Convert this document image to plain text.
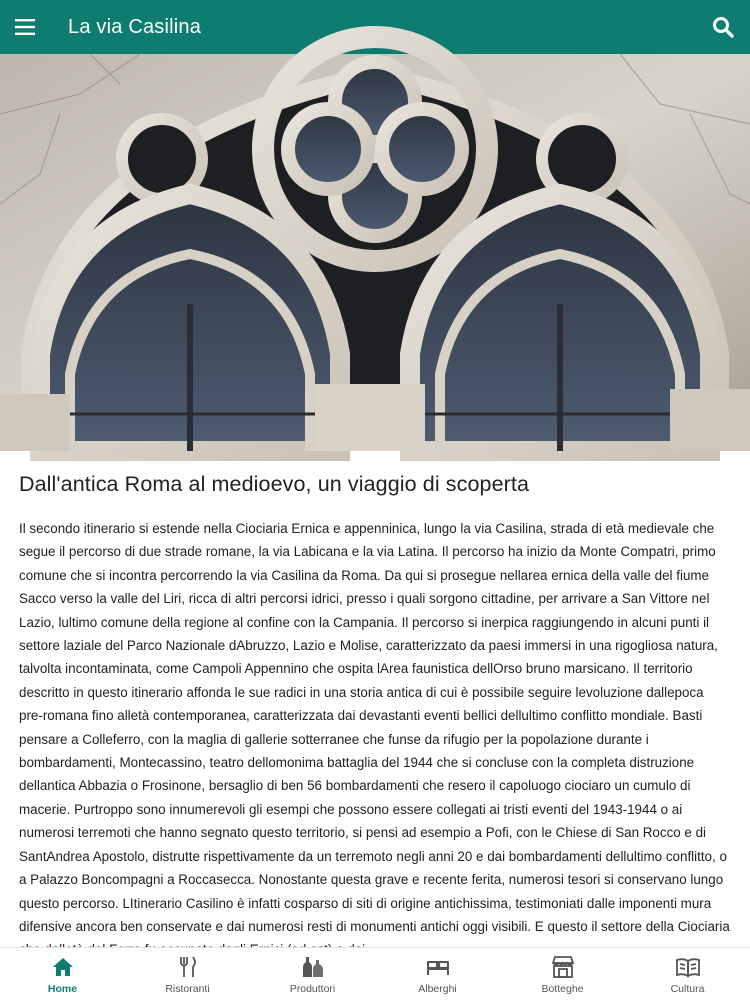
La via Casilina
Dall'antica Roma al medioevo, un viaggio di scoperta

Il secondo itinerario si estende nella Ciociaria Ernica e appenninica, lungo la via Casilina, strada di età medievale che segue il percorso di due strade romane, la via Labicana e la via Latina. Il percorso ha inizio da Monte Compatri, primo comune che si incontra percorrendo la via Casilina da Roma. Da qui si prosegue nellarea ernica della valle del fiume Sacco verso la valle del Liri, ricca di altri percorsi idrici, presso i quali sorgono cittadine, per arrivare a San Vittore nel Lazio, lultimo comune della regione al confine con la Campania. Il percorso si inerpica raggiungendo in alcuni punti il settore laziale del Parco Nazionale dAbruzzo, Lazio e Molise, caratterizzato da paesi immersi in una rigogliosa natura, talvolta incontaminata, come Campoli Appennino che ospita lArea faunistica dellOrso bruno marsicano. Il territorio descritto in questo itinerario affonda le sue radici in una storia antica di cui è possibile seguire levoluzione dallepoca pre-romana fino alletà contemporanea, caratterizzata dai devastanti eventi bellici dellultimo conflitto mondiale. Basti pensare a Colleferro, con la maglia di gallerie sotterranee che funse da rifugio per la popolazione durante i bombardamenti, Montecassino, teatro dellomonima battaglia del 1944 che si concluse con la completa distruzione dellantica Abbazia o Frosinone, bersaglio di ben 56 bombardamenti che resero il capoluogo ciociaro un cumulo di macerie. Purtroppo sono innumerevoli gli esempi che possono essere collegati ai tristi eventi del 1943-1944 o ai numerosi terremoti che hanno segnato questo territorio, si pensi ad esempio a Pofi, con le Chiese di San Rocco e di SantAndrea Apostolo, distrutte rispettivamente da un terremoto negli anni 20 e dai bombardamenti dellultimo conflitto, o a Palazzo Boncompagni a Roccasecca. Nonostante questa grave e recente ferita, numerosi tesori si conservano lungo questo percorso. LItinerario Casilino è infatti cosparso di siti di origine antichissima, testimoniati dalle imponenti mura difensive ancora ben conservate e dai numerosi resti di monumenti antichi oggi visibili. E questo il settore della Ciociaria

Home	Ristoranti	Produttori	Alberghi	Botteghe	Cultura
